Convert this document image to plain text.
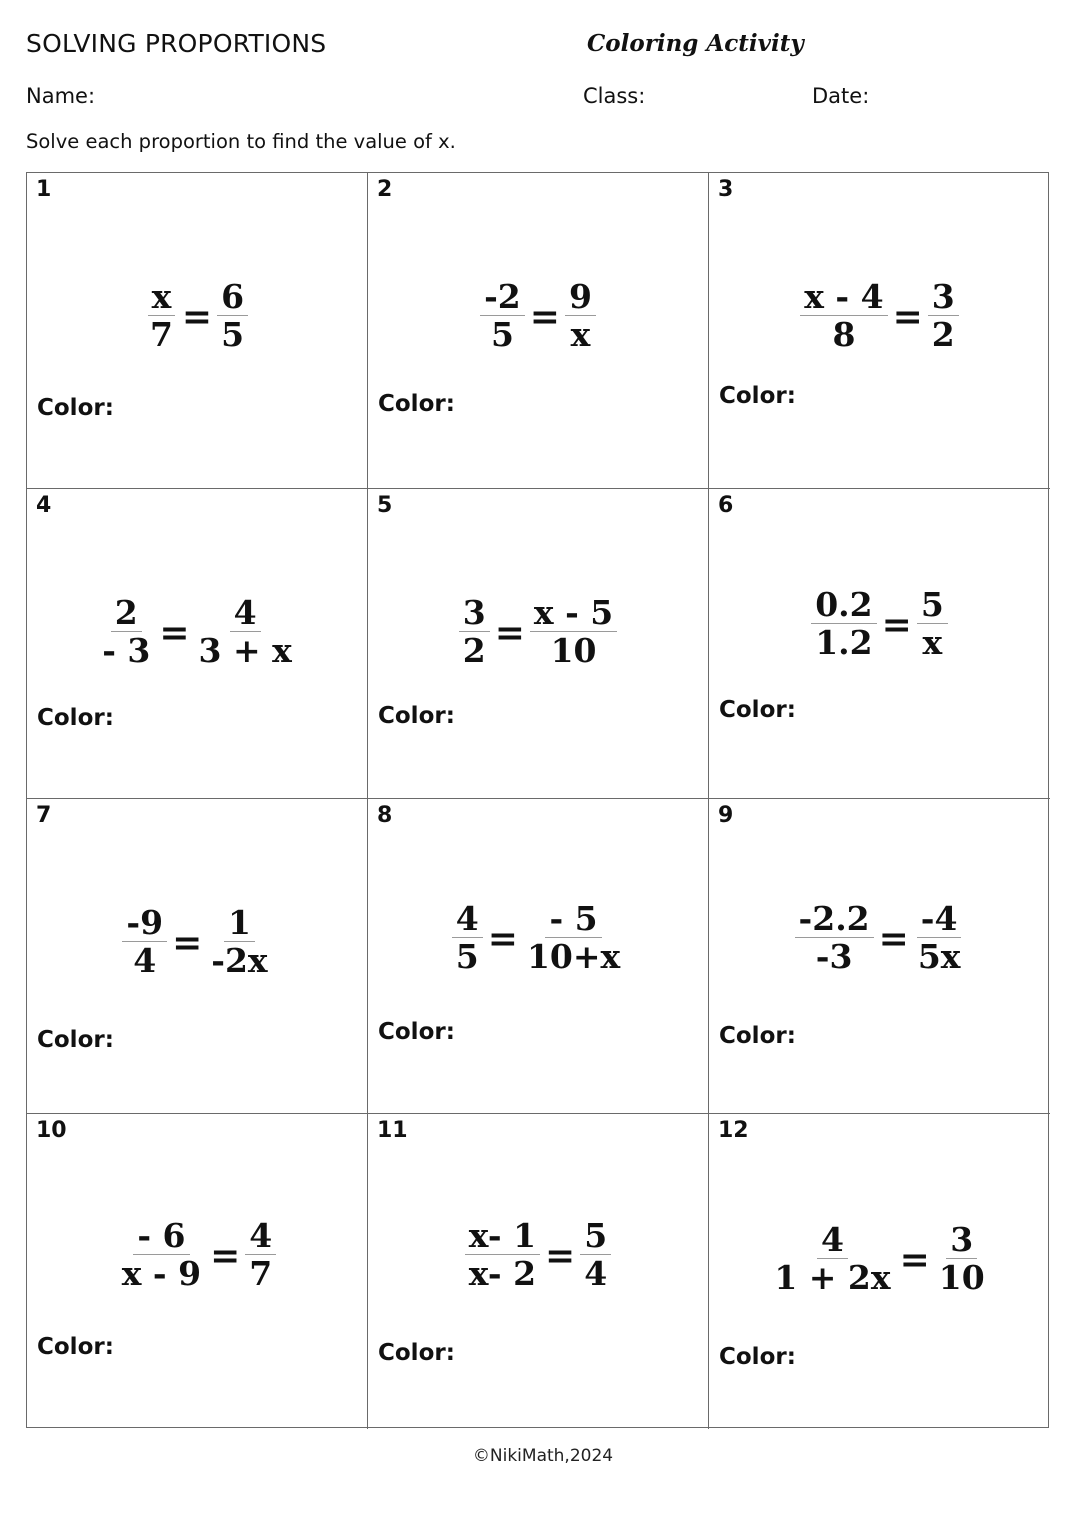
SOLVING PROPORTIONS	Coloring Activity
Name:	Class:	Date:
Solve each proportion to find the value of x.
1
$\frac{x}{7} = \frac{6}{5}$
Color:
2
$\frac{-2}{5} = \frac{9}{x}$
Color:
3
$\frac{x - 4}{8} = \frac{3}{2}$
Color:
4
$\frac{2}{- 3} = \frac{4}{3 + x}$
Color:
5
$\frac{3}{2} = \frac{x - 5}{10}$
Color:
6
$\frac{0.2}{1.2} = \frac{5}{x}$
Color:
7
$\frac{-9}{4} = \frac{1}{-2x}$
Color:
8
$\frac{4}{5} = \frac{- 5}{10+x}$
Color:
9
$\frac{-2.2}{-3} = \frac{-4}{5x}$
Color:
10
$\frac{- 6}{x - 9} = \frac{4}{7}$
Color:
11
$\frac{x- 1}{x- 2} = \frac{5}{4}$
Color:
12
$\frac{4}{1 + 2x} = \frac{3}{10}$
Color:
©NikiMath,2024
